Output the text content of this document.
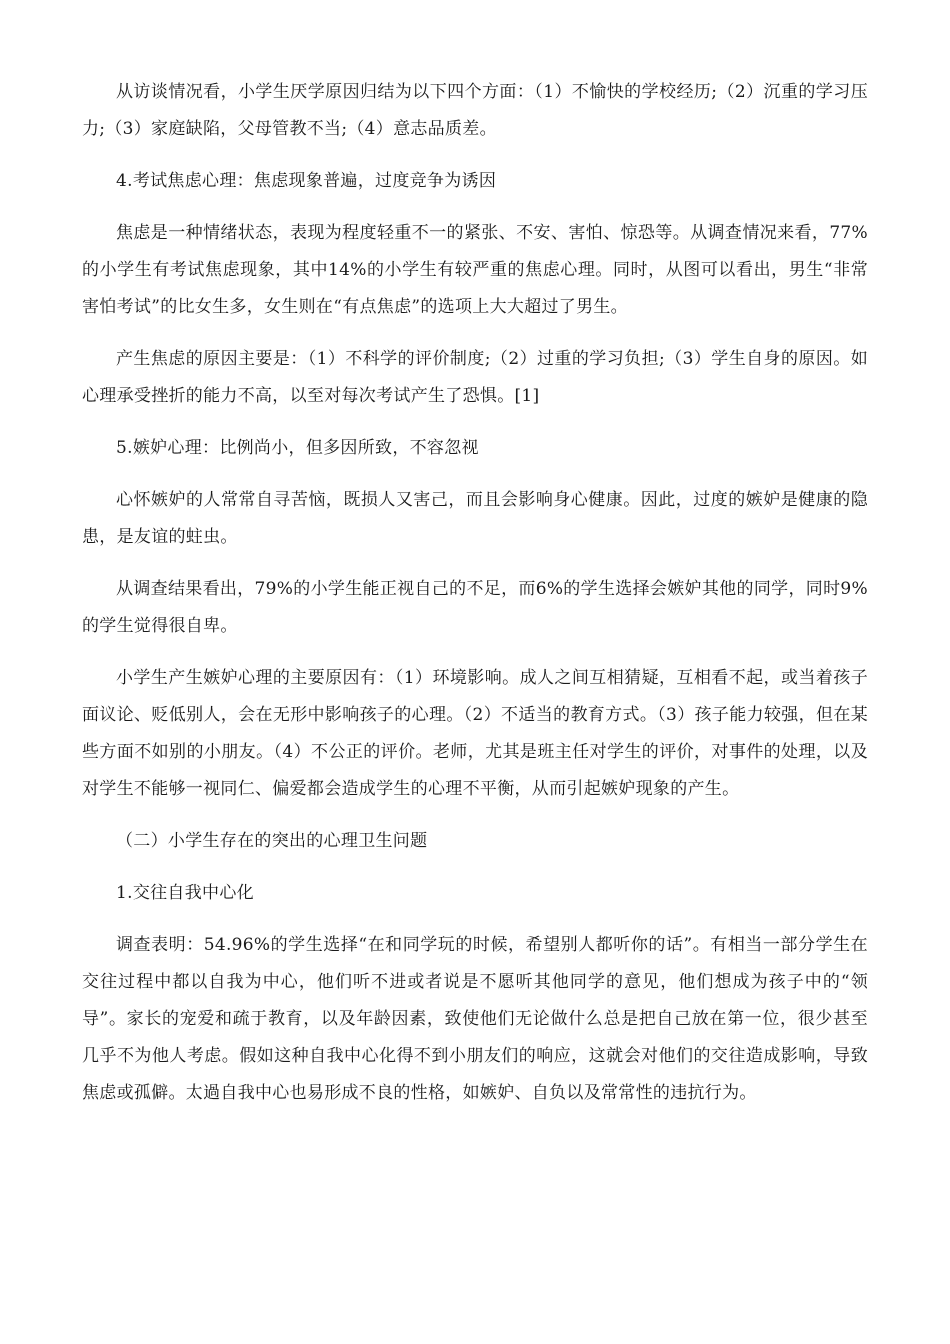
从访谈情况看，小学生厌学原因归结为以下四个方面：（1）不愉快的学校经历;（2）沉重的学习压力;（3）家庭缺陷，父母管教不当;（4）意志品质差。

4.考试焦虑心理：焦虑现象普遍，过度竞争为诱因

焦虑是一种情绪状态，表现为程度轻重不一的紧张、不安、害怕、惊恐等。从调查情况来看，77%的小学生有考试焦虑现象，其中14%的小学生有较严重的焦虑心理。同时，从图可以看出，男生“非常害怕考试”的比女生多，女生则在“有点焦虑”的选项上大大超过了男生。

产生焦虑的原因主要是：（1）不科学的评价制度;（2）过重的学习负担;（3）学生自身的原因。如心理承受挫折的能力不高，以至对每次考试产生了恐惧。[1]

5.嫉妒心理：比例尚小，但多因所致，不容忽视

心怀嫉妒的人常常自寻苦恼，既损人又害己，而且会影响身心健康。因此，过度的嫉妒是健康的隐患，是友谊的蛀虫。

从调查结果看出，79%的小学生能正视自己的不足，而6%的学生选择会嫉妒其他的同学，同时9%的学生觉得很自卑。

小学生产生嫉妒心理的主要原因有：（1）环境影响。成人之间互相猜疑，互相看不起，或当着孩子面议论、贬低别人，会在无形中影响孩子的心理。（2）不适当的教育方式。（3）孩子能力较强，但在某些方面不如别的小朋友。（4）不公正的评价。老师，尤其是班主任对学生的评价，对事件的处理，以及对学生不能够一视同仁、偏爱都会造成学生的心理不平衡，从而引起嫉妒现象的产生。

（二）小学生存在的突出的心理卫生问题

1.交往自我中心化

调查表明：54.96%的学生选择“在和同学玩的时候，希望别人都听你的话”。有相当一部分学生在交往过程中都以自我为中心，他们听不进或者说是不愿听其他同学的意见，他们想成为孩子中的“领导”。家长的宠爱和疏于教育，以及年龄因素，致使他们无论做什么总是把自己放在第一位，很少甚至几乎不为他人考虑。假如这种自我中心化得不到小朋友们的响应，这就会对他们的交往造成影响，导致焦虑或孤僻。太過自我中心也易形成不良的性格，如嫉妒、自负以及常常性的违抗行为。
